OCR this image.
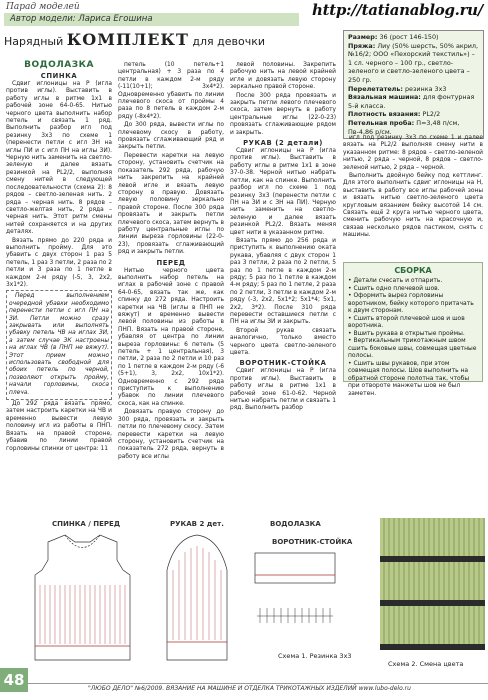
Парад моделей
Автор модели: Лариса Егошина	http://tatianablog.ru/
Нарядный КОМПЛЕКТ для девочки	Размер: 36 (рост 146-150)
Пряжа: Лиу (50% шерсть, 50% акрил, №16/2; ООО «Пехорский текстиль») – 1 сл. черного – 100 гр., светло-зеленого и светло-зеленого цвета – 250 гр.
Перелетатель: резинка 3х3
Вязальная машина: для фонтурная 5-й класса.
Плотность вязания: PL2/2
Петельная проба: П=3,48 п/см, Пв-4,86 р/см.
ВОДОЛАЗКА
СПИНКА

Сдвиг иглоницы на Р (игла против иглы). Выставить в работу иглы в ритме 1х1 в рабочей зоне 64-0-65. Нитью черного цвета выполнить набор петель и связать 1 ряд. Выполнить разбор игл под резинку 3х3 по схеме 1 (перенести петли с игл ЗН на иглы ПИ и с игл ПН на иглы ЗИ). Черную нить заменить на светло-зеленую и далее вязать резинкой на PL2/2, выполняя смену нитей в следующей последовательности (схема 2): 8 рядов – светло-зеленая нить. 2 ряда – черная нить. 8 рядов – светло-желтая нить, 2 ряда – черная нить. Этот ритм смены нитей сохраняется и на других деталях.

Вязать прямо до 220 ряда и выполнить пройму. Для это убавить с двух сторон 1 раз 5 петель, 1 раз 3 петли, 2 раза по 2 петли и 3 раза по 1 петле в каждом 2-м ряду (-5, 3, 2х2, 3х1*2).

Перед выполнением очередной убавки необходимо перенести петли с игл ПН на ЗИ. Петли можно сразу закрывать или выполнять убавку петель ЧВ на иглах ЗИ, а затем случае ЗК настроены на иглах ЧВ (в ПНП не вяжут). Этот прием можно использовать свободной для обоих петель по черной, позволяют открыть пройму, начали горловины, скоса плеча.

До 292 ряда вязать прямо, затем настроить каретки на ЧВ и временно вывести левую половину игл из работы в ПНП. Вязать на правой стороне, убавив по линии правой горловины спинки от центра: 11

петель (10 петель+1 центральная) + 3 раза по 4 петли в каждом 2-м ряду (-11(10+1); 3х4*2). Одновременно убавить по линии плечевого скоса от проймы 4 раза по 8 петель в каждом 2-м ряду (-8х4*2).

До 300 ряда, вывести иглы по плечевому скосу в работу, провязать сглаживающий ряд и закрыть петли.

Перевести каретки на левую сторону, установить счетчик на показатель 292 ряда, рабочую нить закрепить на крайней левой игле и вязать левую сторону в правую. Довязать левую половину зеркально правой стороне. После 300 ряда провязать и закрыть петли плечевого скоса, затем вернуть в работу центральные иглы по линии выреза горловины (22-0-23), провязать сглаживающий ряд и закрыть петли.

ПЕРЕД

Нитью черного цвета выполнить набор петель на иглах в рабочей зоне с правой 64-0-65, вязать так же, как спинку до 272 ряда. Настроить каретки на ЧВ (иглы в ПНП не вяжут) и временно вывести левой половины из работы в ПНП. Вязать на правой стороне, убавляя от центра по линии выреза горловины: 6 петель (5 петель + 1 центральная), 3 петли, 2 раза по 2 петли и 10 раз по 1 петле в каждом 2-м ряду (-6 (5+1), 3, 2х2, 10х1*2). Одновременно с 292 ряда приступить к выполнению убавок по линии плечевого скоса, как на спинке.

Довязать правую сторону до 300 ряда, провязать и закрыть петли по плечевому скосу. Затем перевести каретки на левую сторону, установить счетчик на показатель 272 ряда, вернуть в работу все иглы

левой половины. Закрепить рабочую нить на левой крайней игле и довязать левую сторону зеркально правой стороне.

После 300 ряда провязать и закрыть петли левого плечевого скоса, затем вернуть в работу центральные иглы (22-0-23) провязать сглаживающие рядом и закрыть.

РУКАВ (2 детали)

Сдвиг иглоницы на Р (игла против иглы). Выставить в работу иглы в ритме 1х1 в зоне 37-0-38. Черной нитью набрать петли, как на спинке. Выполнить разбор игл по схеме 1 под резинку 3х3 (перенести петли с ПН на ЗИ и с ЗН на ПИ). Черную нить заменить на светло-зеленую и далее вязать резинкой PL2/2. Вязать меняя цвет нити в указанном ритме.

Вязать прямо до 256 ряда и приступить к выполнению оката рукава, убавляя с двух сторон 1 раз 3 петли, 2 раза по 2 петли, 5 раз по 1 петле в каждом 2-м ряду; 5 раз по 1 петле в каждом 4-м ряду; 5 раз по 1 петле, 2 раза по 2 петли, 3 петли в каждом 2-м ряду (-3, 2х2, 5х1*2; 5х1*4; 5х1, 2х2, 3*2). После 310 ряда перевести оставшиеся петли с ПН на иглы ЗИ и закрыть.

Второй рукав связать аналогично, только вместо черного цвета светло-зеленого цвета.

ВОРОТНИК-СТОЙКА

Сдвиг иглоницы на Р (игла против иглы). Выставить в работу иглы в ритме 1х1 в рабочей зоне 61-0-62. Черной нитью набрать петли и связать 1 ряд. Выполнить разбор

игл под резинку 3х3 по схеме 1 и далее вязать на PL2/2 выполняя смену нити в указанном ритме: 8 рядов – светло-зеленой нитью, 2 ряда – черной, 8 рядов – светло-зеленой нитью, 2 ряда – черной.

Выполнить двойную бейку под кеттлинг. Для этого выполнить сдвиг иглоницы на Н, выставить в работу все иглы рабочей зоны и вязать нитью светло-зеленого цвета кругловым вязанием бейку высотой 14 см. Связать ещё 2 круга нитью черного цвета, сменить рабочую нить на красочную и, связав несколько рядов пастиком, снять с машины.

СБОРКА
• Детали счесать и отпарить.
• Сшить одно плечевой шов.
• Оформить вырез горловины воротником, бейку которого притачать к двум сторонам.
• Сшить второй плечевой шов и шов воротника.
• Вшить рукава в открытые проймы.
• Вертикальным трикотажным швом сшить боковые швы, совмещая цветные полосы.
• Сшить швы рукавов, при этом совмещая полосы. Шов выполнить на обратной стороне полотна так, чтобы при отвороте манжеты шов не был заметен.
СПИНКА / ПЕРЕД	РУКАВ 2 дет.	ВОДОЛАЗКА
ВОРОТНИК-СТОЙКА
Схема 1. Резинка 3х3
Схема 2. Смена цвета
48	"ЛЮБО ДЕЛО" №6/2009. ВЯЗАНИЕ НА МАШИНЕ И ОТДЕЛКА ТРИКОТАЖНЫХ ИЗДЕЛИЙ www.lubo-delo.ru
